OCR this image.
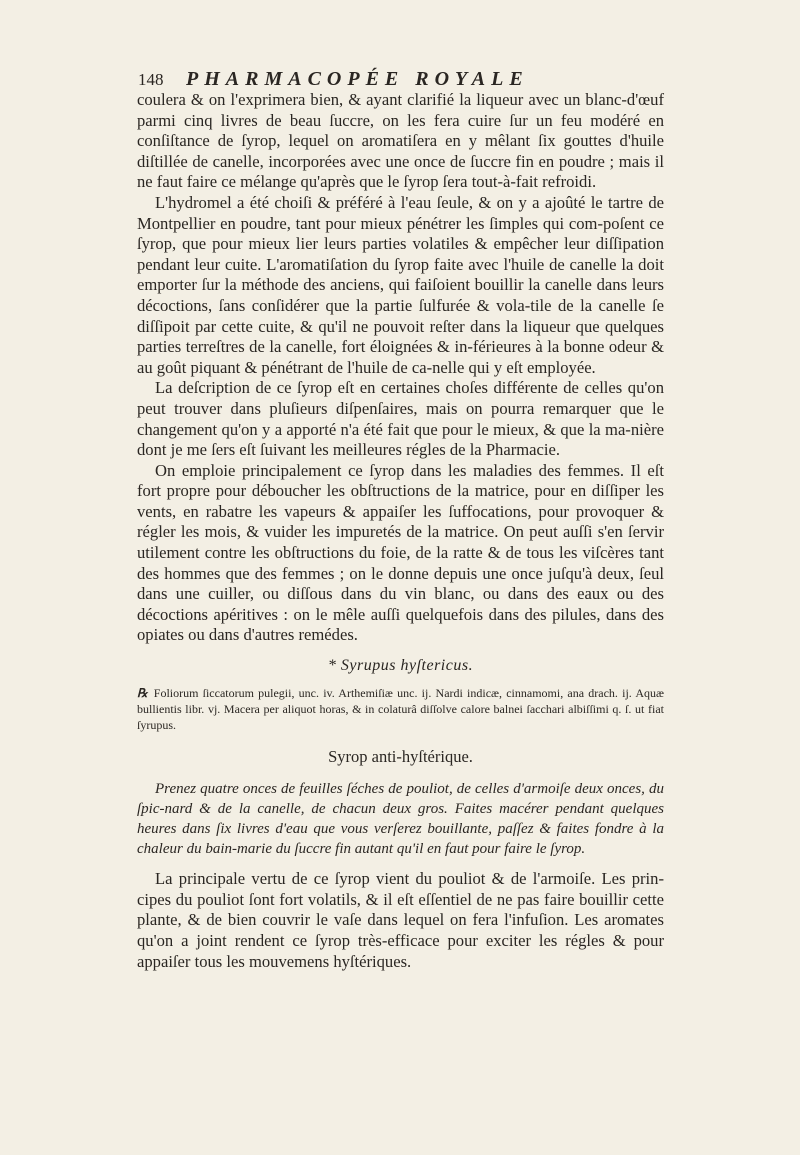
148	PHARMACOPÉE ROYALE

coulera & on l'exprimera bien, & ayant clarifié la liqueur avec un blanc-d'œuf parmi cinq livres de beau ſuccre, on les fera cuire ſur un feu modéré en conſiſtance de ſyrop, lequel on aromatiſera en y mêlant ſix gouttes d'huile diſtillée de canelle, incorporées avec une once de ſuccre fin en poudre ; mais il ne faut faire ce mélange qu'après que le ſyrop ſera tout-à-fait refroidi.

L'hydromel a été choiſi & préféré à l'eau ſeule, & on y a ajoûté le tartre de Montpellier en poudre, tant pour mieux pénétrer les ſimples qui com-poſent ce ſyrop, que pour mieux lier leurs parties volatiles & empêcher leur diſſipation pendant leur cuite. L'aromatiſation du ſyrop faite avec l'huile de canelle la doit emporter ſur la méthode des anciens, qui faiſoient bouillir la canelle dans leurs décoctions, ſans conſidérer que la partie ſulfurée & vola-tile de la canelle ſe diſſipoit par cette cuite, & qu'il ne pouvoit reſter dans la liqueur que quelques parties terreſtres de la canelle, fort éloignées & in-férieures à la bonne odeur & au goût piquant & pénétrant de l'huile de ca-nelle qui y eſt employée.

La deſcription de ce ſyrop eſt en certaines choſes différente de celles qu'on peut trouver dans pluſieurs diſpenſaires, mais on pourra remarquer que le changement qu'on y a apporté n'a été fait que pour le mieux, & que la ma-nière dont je me ſers eſt ſuivant les meilleures régles de la Pharmacie.

On emploie principalement ce ſyrop dans les maladies des femmes. Il eſt fort propre pour déboucher les obſtructions de la matrice, pour en diſſiper les vents, en rabatre les vapeurs & appaiſer les ſuffocations, pour provoquer & régler les mois, & vuider les impuretés de la matrice. On peut auſſi s'en ſervir utilement contre les obſtructions du foie, de la ratte & de tous les viſcères tant des hommes que des femmes ; on le donne depuis une once juſqu'à deux, ſeul dans une cuiller, ou diſſous dans du vin blanc, ou dans des eaux ou des décoctions apéritives : on le mêle auſſi quelquefois dans des pilules, dans des opiates ou dans d'autres remédes.

* Syrupus hyſtericus.

℞ Foliorum ſiccatorum pulegii, unc. iv. Arthemiſiæ unc. ij. Nardi indicæ, cinnamomi, ana drach. ij. Aquæ bullientis libr. vj. Macera per aliquot horas, & in colaturâ diſſolve calore balnei ſacchari albiſſimi q. ſ. ut fiat ſyrupus.

Syrop anti-hyſtérique.

Prenez quatre onces de feuilles ſéches de pouliot, de celles d'armoiſe deux onces, du ſpic-nard & de la canelle, de chacun deux gros. Faites macérer pendant quelques heures dans ſix livres d'eau que vous verſerez bouillante, paſſez & faites fondre à la chaleur du bain-marie du ſuccre fin autant qu'il en faut pour faire le ſyrop.

La principale vertu de ce ſyrop vient du pouliot & de l'armoiſe. Les prin-cipes du pouliot ſont fort volatils, & il eſt eſſentiel de ne pas faire bouillir cette plante, & de bien couvrir le vaſe dans lequel on fera l'infuſion. Les aromates qu'on a joint rendent ce ſyrop très-efficace pour exciter les régles & pour appaiſer tous les mouvemens hyſtériques.
